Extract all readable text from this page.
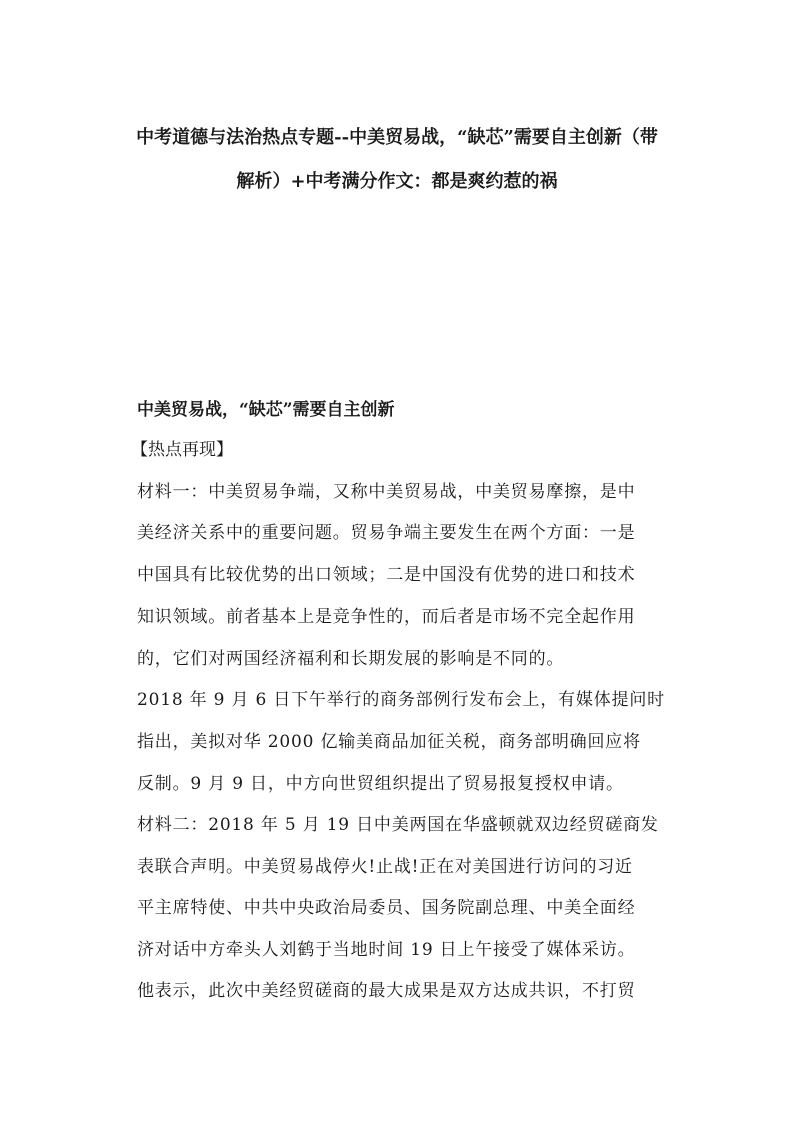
中考道德与法治热点专题--中美贸易战，“缺芯”需要自主创新（带
解析）+中考满分作文：都是爽约惹的祸
中美贸易战，“缺芯”需要自主创新

【热点再现】

材料一：中美贸易争端，又称中美贸易战，中美贸易摩擦，是中

美经济关系中的重要问题。贸易争端主要发生在两个方面：一是

中国具有比较优势的出口领域；二是中国没有优势的进口和技术

知识领域。前者基本上是竞争性的，而后者是市场不完全起作用

的，它们对两国经济福利和长期发展的影响是不同的。

2018 年 9 月 6 日下午举行的商务部例行发布会上，有媒体提问时

指出，美拟对华 2000 亿输美商品加征关税，商务部明确回应将

反制。9 月 9 日，中方向世贸组织提出了贸易报复授权申请。

材料二：2018 年 5 月 19 日中美两国在华盛顿就双边经贸磋商发

表联合声明。中美贸易战停火!止战!正在对美国进行访问的习近

平主席特使、中共中央政治局委员、国务院副总理、中美全面经

济对话中方牵头人刘鹤于当地时间 19 日上午接受了媒体采访。

他表示，此次中美经贸磋商的最大成果是双方达成共识，不打贸
